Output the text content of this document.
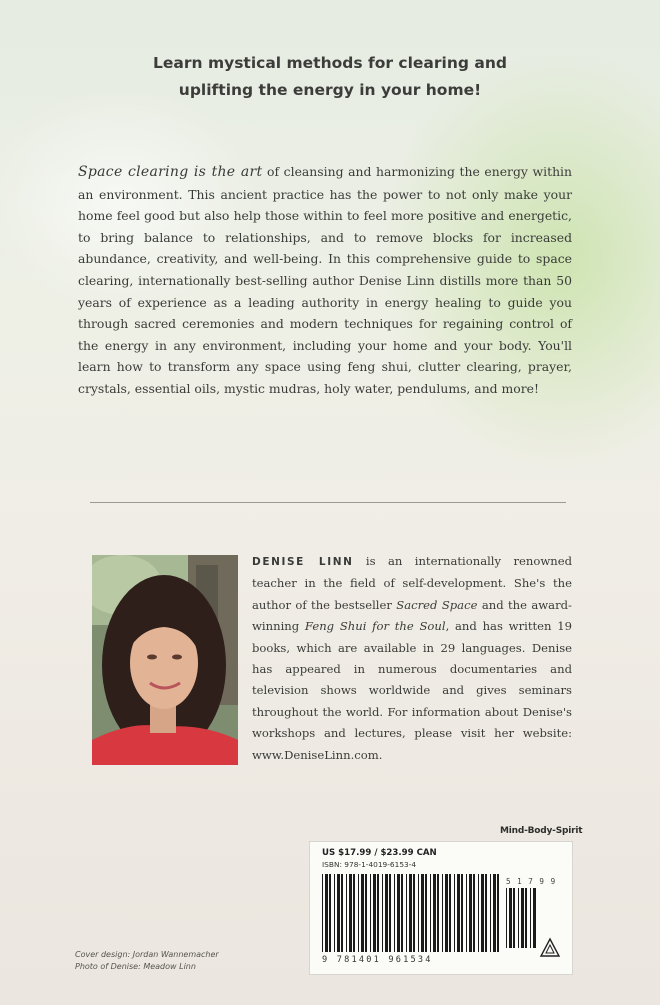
Learn mystical methods for clearing and
uplifting the energy in your home!
Space clearing is the art of cleansing and harmonizing the energy within an environment. This ancient practice has the power to not only make your home feel good but also help those within to feel more positive and energetic, to bring balance to relationships, and to remove blocks for increased abundance, creativity, and well-being. In this comprehensive guide to space clearing, internationally best-selling author Denise Linn distills more than 50 years of experience as a leading authority in energy healing to guide you through sacred ceremonies and modern techniques for regaining control of the energy in any environment, including your home and your body. You'll learn how to transform any space using feng shui, clutter clearing, prayer, crystals, essential oils, mystic mudras, holy water, pendulums, and more!
DENISE LINN is an internationally renowned teacher in the field of self-development. She's the author of the bestseller Sacred Space and the award-winning Feng Shui for the Soul, and has written 19 books, which are available in 29 languages. Denise has appeared in numerous documentaries and television shows worldwide and gives seminars throughout the world. For information about Denise's workshops and lectures, please visit her website: www.DeniseLinn.com.
Mind-Body-Spirit
US $17.99 / $23.99 CAN
ISBN: 978-1-4019-6153-4
5 1 7 9 9
9 781401 961534
Cover design: Jordan Wannemacher
Photo of Denise: Meadow Linn
